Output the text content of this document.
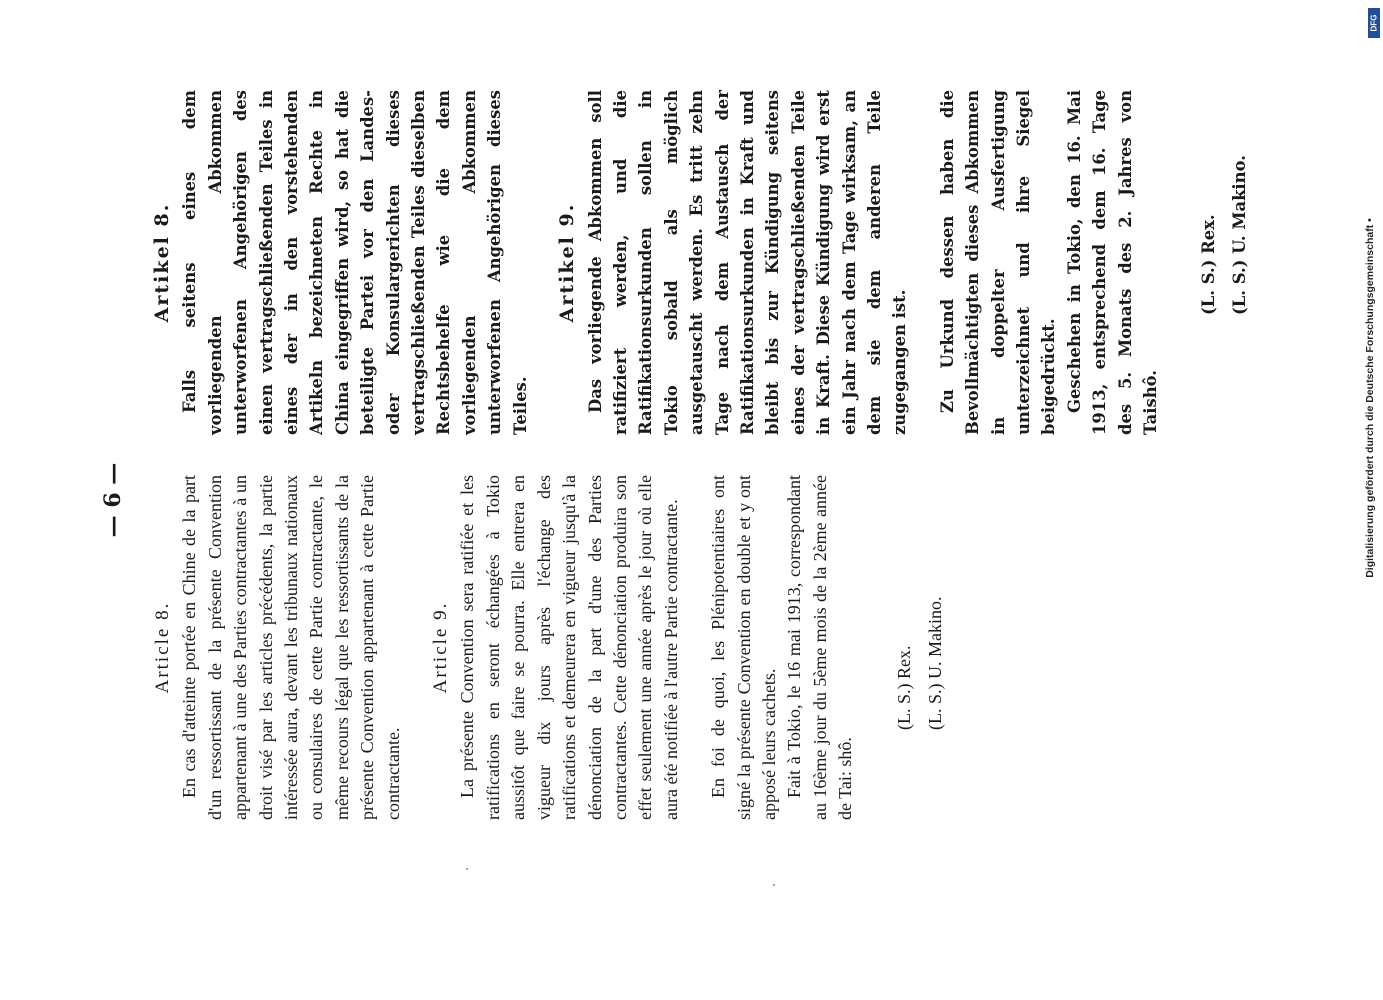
— 6 —
Article 8. En cas d'atteinte portée en Chine de la part d'un ressortissant de la présente Convention appartenant à une des Parties contractantes à un droit visé par les articles précédents, la partie intéressée aura, devant les tribunaux nationaux ou consulaires de cette Partie contractante, le même recours légal que les ressortissants de la présente Convention appartenant à cette Partie contractante.

Article 9. La présente Convention sera ratifiée et les ratifications en seront échangées à Tokio aussitôt que faire se pourra. Elle entrera en vigueur dix jours après l'échange des ratifications et demeurera en vigueur jusqu'à la dénonciation de la part d'une des Parties contractantes. Cette dénonciation produira son effet seulement une année après le jour où elle aura été notifiée à l'autre Partie contractante. En foi de quoi, les Plénipotentiaires ont signé la présente Convention en double et y ont apposé leurs cachets. Fait à Tokio, le 16 mai 1913, correspondant au 16ème jour du 5ème mois de la 2ème année de Tai: shô.

(L. S.) Rex. (L. S.) U. Makino.
Artikel 8. Falls seitens eines dem vorliegenden Abkommen unterworfenen Angehörigen des einen vertragschließenden Teiles in eines der in den vorstehenden Artikeln bezeichneten Rechte in China eingegriffen wird, so hat die beteiligte Partei vor den Landes- oder Konsulargerichten dieses vertragschließenden Teiles dieselben Rechtsbehelfe wie die dem vorliegenden Abkommen unterworfenen Angehörigen dieses Teiles.

Artikel 9. Das vorliegende Abkommen soll ratifiziert werden, und die Ratifikationsurkunden sollen in Tokio sobald als möglich ausgetauscht werden. Es tritt zehn Tage nach dem Austausch der Ratifikationsurkunden in Kraft und bleibt bis zur Kündigung seitens eines der vertragschließenden Teile in Kraft. Diese Kündigung wird erst ein Jahr nach dem Tage wirksam, an dem sie dem anderen Teile zugegangen ist. Zu Urkund dessen haben die Bevollmächtigten dieses Abkommen in doppelter Ausfertigung unterzeichnet und ihre Siegel beigedrückt. Geschehen in Tokio, den 16. Mai 1913, entsprechend dem 16. Tage des 5. Monats des 2. Jahres von Taishô.

(L. S.) Rex. (L. S.) U. Makino.
DFG
Digitalisierung gefördert durch die Deutsche Forschungsgemeinschaft •
